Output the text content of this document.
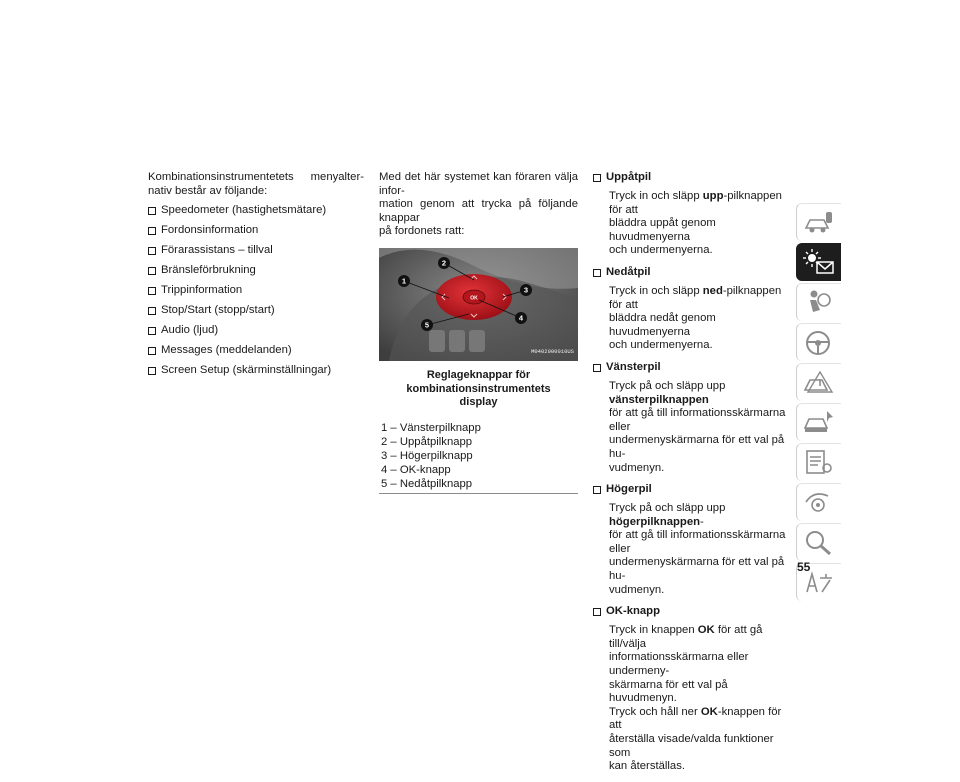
Kombinationsinstrumentetets menyalter-

nativ består av följande:

Speedometer (hastighetsmätare)
Fordonsinformation
Förarassistans – tillval
Bränsleförbrukning
Trippinformation
Stop/Start (stopp/start)
Audio (ljud)
Messages (meddelanden)
Screen Setup (skärminställningar)

Med det här systemet kan föraren välja infor-

mation genom att trycka på följande knappar

på fordonets ratt:

OK
1
2
3
4
5
M0402000010US
Reglageknappar för kombinationsinstrumentets
display
1 – Vänsterpilknapp
2 – Uppåtpilknapp
3 – Högerpilknapp
4 – OK-knapp
5 – Nedåtpilknapp
Uppåtpil

Tryck in och släpp upp-pilknappen för att

bläddra uppåt genom huvudmenyerna

och undermenyerna.

Nedåtpil

Tryck in och släpp ned-pilknappen för att

bläddra nedåt genom huvudmenyerna

och undermenyerna.

Vänsterpil

Tryck på och släpp upp vänsterpilknappen

för att gå till informationsskärmarna eller

undermenyskärmarna för ett val på hu-

vudmenyn.

Högerpil

Tryck på och släpp upp högerpilknappen-

för att gå till informationsskärmarna eller

undermenyskärmarna för ett val på hu-

vudmenyn.

OK-knapp

Tryck in knappen OK för att gå till/välja

informationsskärmarna eller undermeny-

skärmarna för ett val på huvudmenyn.

Tryck och håll ner OK-knappen för att

återställa visade/valda funktioner som

kan återställas.

55
